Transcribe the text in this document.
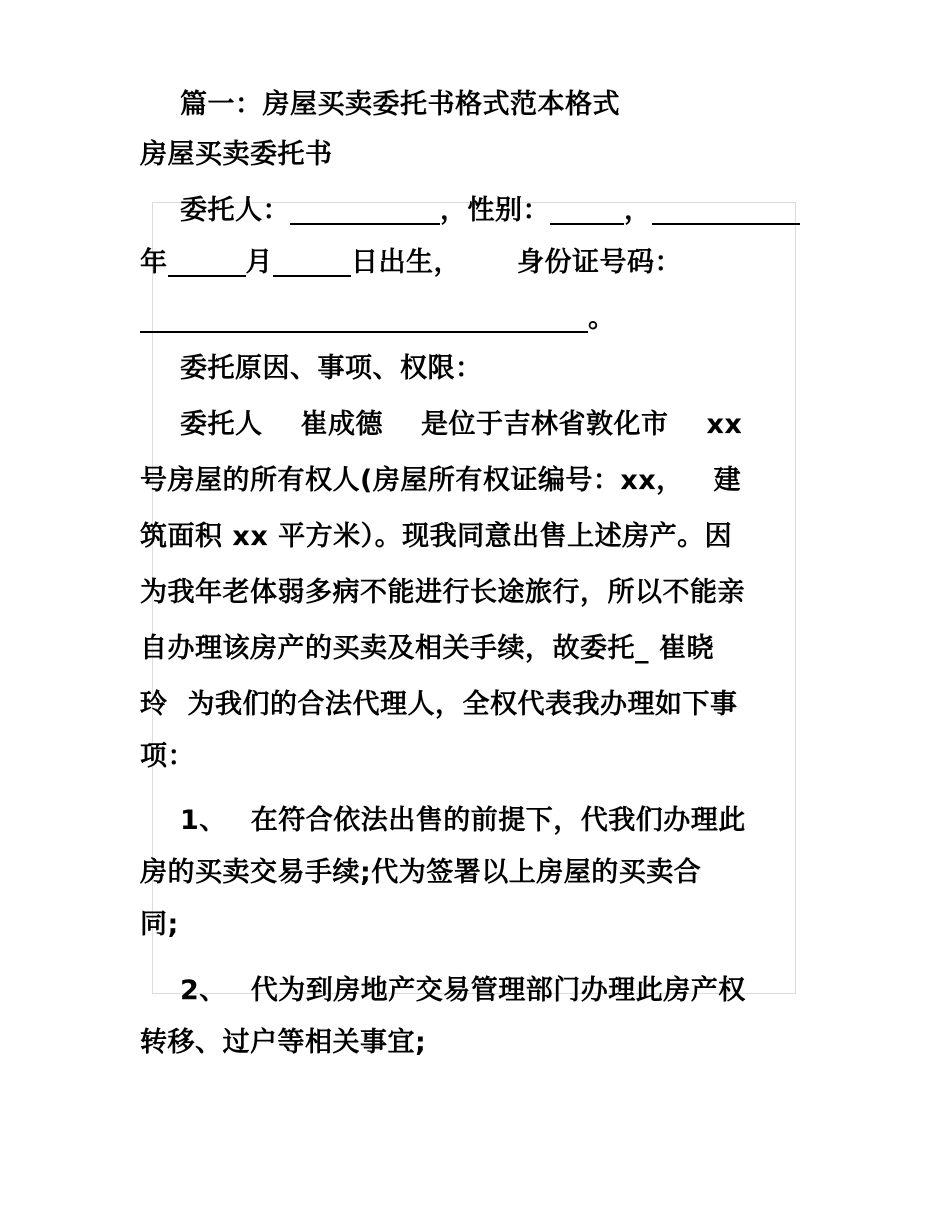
篇一：房屋买卖委托书格式范本格式
房屋买卖委托书
委托人：	，性别：	，
年	月	日出生， 身份证号码：
。
委托原因、事项、权限：
委托人 崔成德 是位于吉林省敦化市 xx
号房屋的所有权人(房屋所有权证编号：xx， 建
筑面积 xx 平方米）。现我同意出售上述房产。因
为我年老体弱多病不能进行长途旅行，所以不能亲
自办理该房产的买卖及相关手续，故委托_ 崔晓
玲 为我们的合法代理人，全权代表我办理如下事
项：
1、 在符合依法出售的前提下，代我们办理此
房的买卖交易手续;代为签署以上房屋的买卖合
同;
2、 代为到房地产交易管理部门办理此房产权
转移、过户等相关事宜;
